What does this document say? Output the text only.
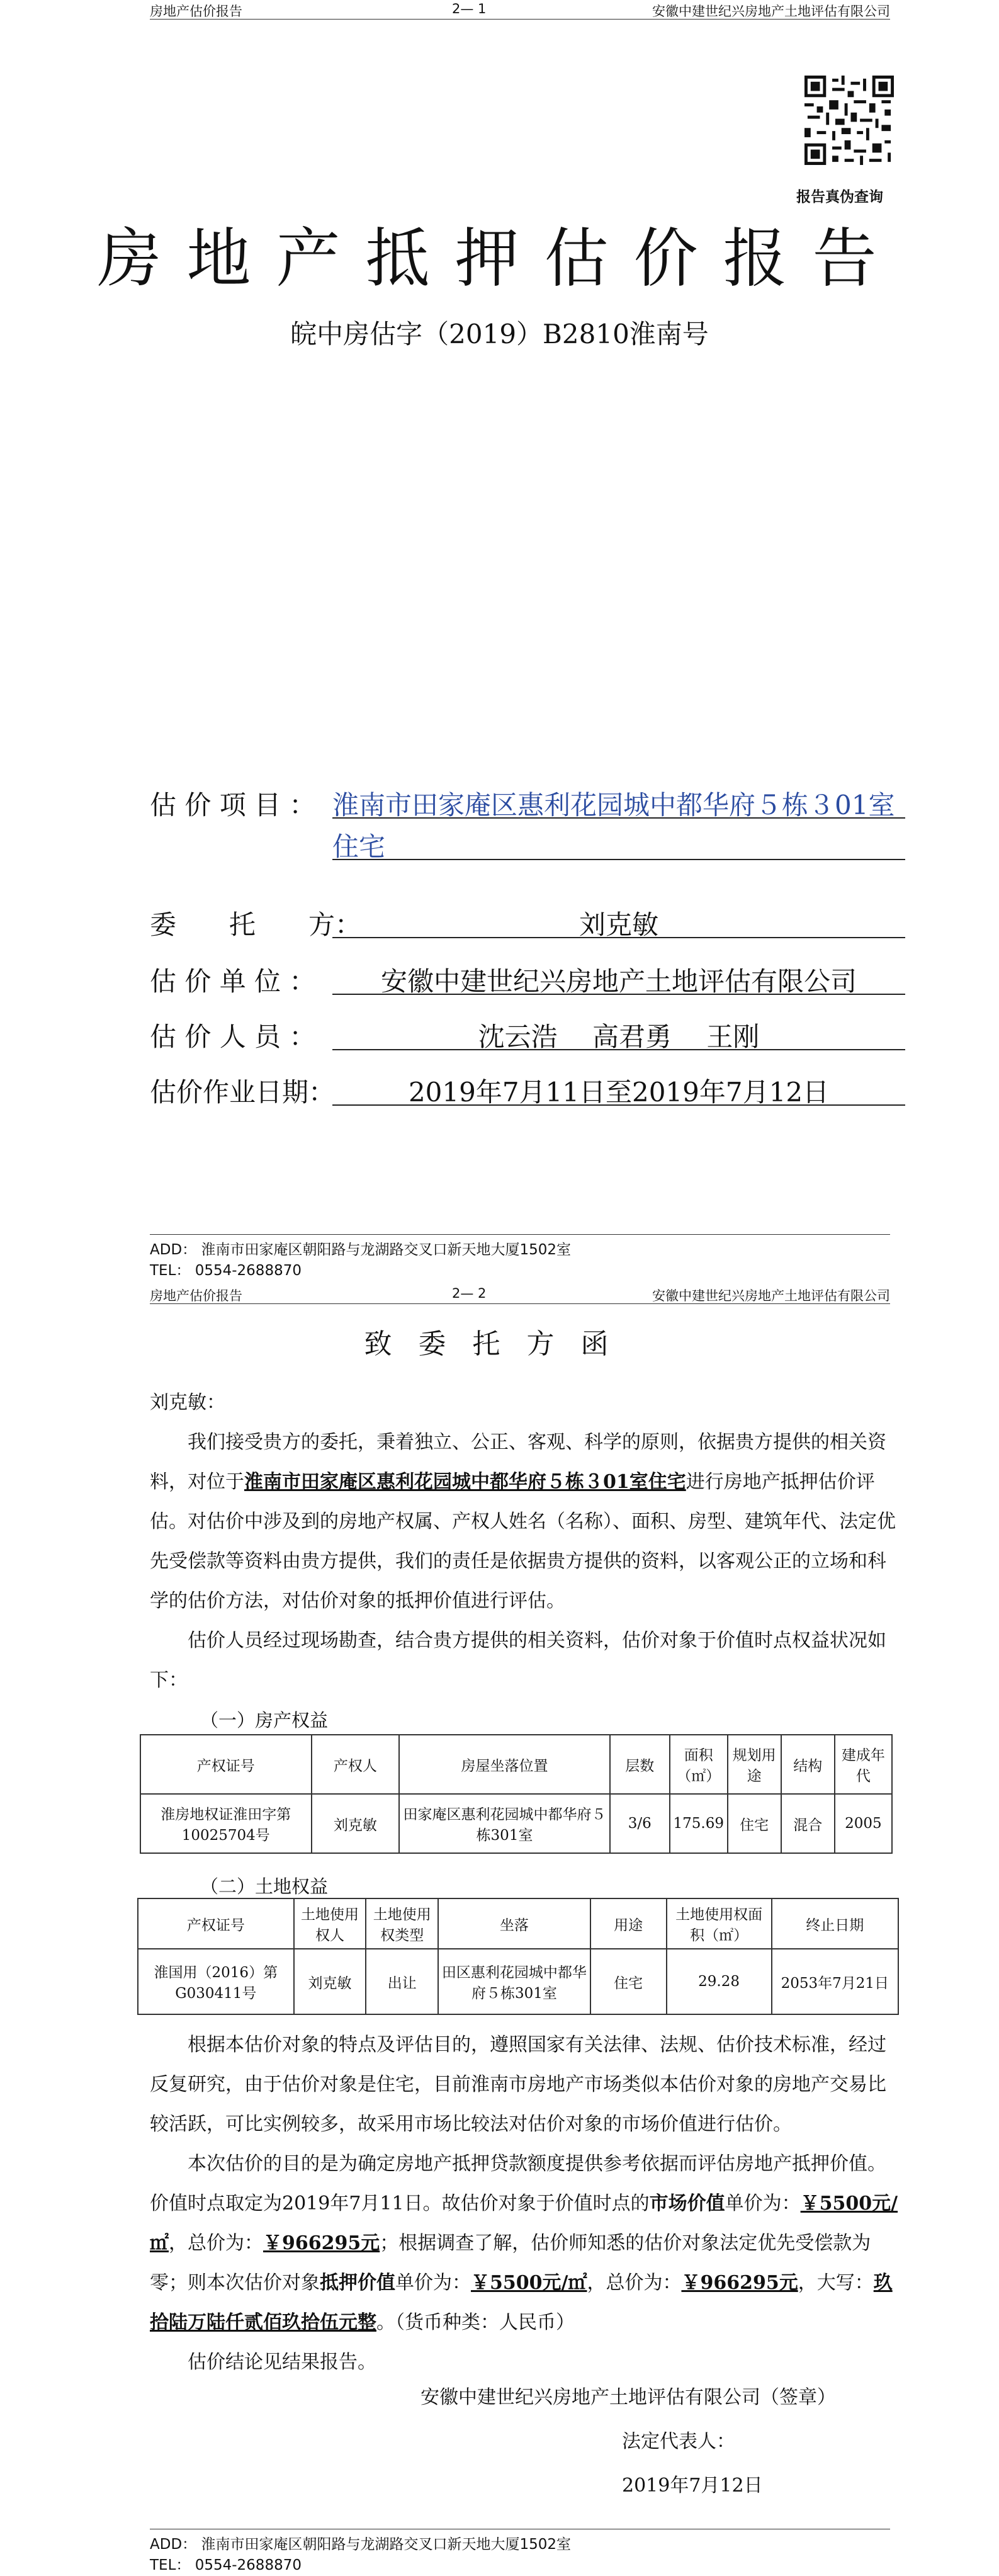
房地产估价报告	2— 1	安徽中建世纪兴房地产土地评估有限公司
报告真伪查询
房地产抵押估价报告
皖中房估字（2019）B2810淮南号
估 价 项 目 ： 淮南市田家庵区惠利花园城中都华府５栋３01室
住宅
委　　托　　方：	刘克敏
估 价 单 位 ：	安徽中建世纪兴房地产土地评估有限公司
估 价 人 员 ：	沈云浩　 高君勇　 王刚
估价作业日期：	2019年7月11日至2019年7月12日
ADD： 淮南市田家庵区朝阳路与龙湖路交叉口新天地大厦1502室
TEL： 0554-2688870
房地产估价报告	2— 2	安徽中建世纪兴房地产土地评估有限公司
致委托方函
刘克敏：

我们接受贵方的委托，秉着独立、公正、客观、科学的原则，依据贵方提供的相关资料，对位于淮南市田家庵区惠利花园城中都华府５栋３01室住宅进行房地产抵押估价评估。对估价中涉及到的房地产权属、产权人姓名（名称）、面积、房型、建筑年代、法定优先受偿款等资料由贵方提供，我们的责任是依据贵方提供的资料，以客观公正的立场和科学的估价方法，对估价对象的抵押价值进行评估。

估价人员经过现场勘查，结合贵方提供的相关资料，估价对象于价值时点权益状况如下：

（一）房产权益
产权证号	产权人	房屋坐落位置	层数	面积（㎡）	规划用途	结构	建成年代
淮房地权证淮田字第10025704号	刘克敏	田家庵区惠利花园城中都华府５栋301室	3/6	175.69	住宅	混合	2005
（二）土地权益
产权证号	土地使用权人	土地使用权类型	坐落	用途	土地使用权面积（㎡）	终止日期
淮国用（2016）第G030411号	刘克敏	出让	田区惠利花园城中都华府５栋301室	住宅	29.28	2053年7月21日

根据本估价对象的特点及评估目的，遵照国家有关法律、法规、估价技术标准，经过反复研究，由于估价对象是住宅，目前淮南市房地产市场类似本估价对象的房地产交易比较活跃，可比实例较多，故采用市场比较法对估价对象的市场价值进行估价。

本次估价的目的是为确定房地产抵押贷款额度提供参考依据而评估房地产抵押价值。价值时点取定为2019年7月11日。故估价对象于价值时点的市场价值单价为：￥5500元/㎡，总价为：￥966295元；根据调查了解，估价师知悉的估价对象法定优先受偿款为零；则本次估价对象抵押价值单价为：￥5500元/㎡，总价为：￥966295元，大写：玖拾陆万陆仟贰佰玖拾伍元整。（货币种类：人民币）

估价结论见结果报告。

安徽中建世纪兴房地产土地评估有限公司（签章）
法定代表人：
2019年7月12日
ADD： 淮南市田家庵区朝阳路与龙湖路交叉口新天地大厦1502室
TEL： 0554-2688870
